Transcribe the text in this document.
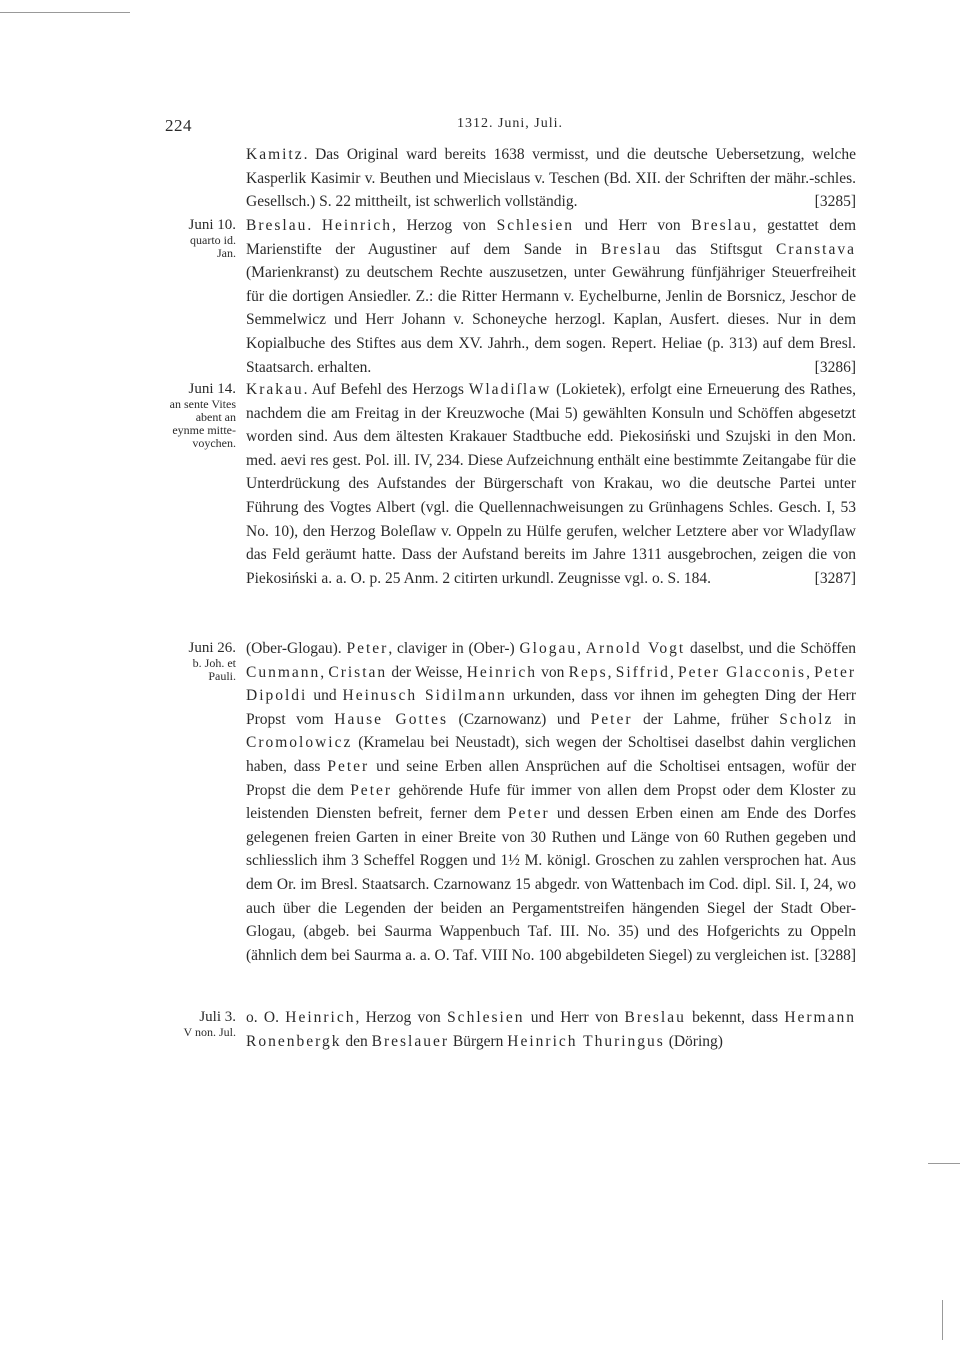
224	1312. Juni, Juli.

Kamitz. Das Original ward bereits 1638 vermisst, und die deutsche Uebersetzung, welche Kasperlik Kasimir v. Beuthen und Miecislaus v. Teschen (Bd. XII. der Schriften der mähr.-schles. Gesellsch.) S. 22 mittheilt, ist schwerlich vollständig.	[3285]

Juni 10.
quarto id.
Jan.

Breslau. Heinrich, Herzog von Schlesien und Herr von Breslau, gestattet dem Marienstifte der Augustiner auf dem Sande in Breslau das Stiftsgut Cranstava (Marienkranst) zu deutschem Rechte auszusetzen, unter Gewährung fünfjähriger Steuerfreiheit für die dortigen Ansiedler. Z.: die Ritter Hermann v. Eychelburne, Jenlin de Borsnicz, Jeschor de Semmelwicz und Herr Johann v. Schoneyche herzogl. Kaplan, Ausfert. dieses. Nur in dem Kopialbuche des Stiftes aus dem XV. Jahrh., dem sogen. Repert. Heliae (p. 313) auf dem Bresl. Staatsarch. erhalten.	[3286]

Juni 14.
an sente Vites
abent an
eynme mitte-
voychen.

Krakau. Auf Befehl des Herzogs Wladiſlaw (Lokietek), erfolgt eine Erneuerung des Rathes, nachdem die am Freitag in der Kreuzwoche (Mai 5) gewählten Konsuln und Schöffen abgesetzt worden sind. Aus dem ältesten Krakauer Stadtbuche edd. Piekosiński und Szujski in den Mon. med. aevi res gest. Pol. ill. IV, 234. Diese Aufzeichnung enthält eine bestimmte Zeitangabe für die Unterdrückung des Aufstandes der Bürgerschaft von Krakau, wo die deutsche Partei unter Führung des Vogtes Albert (vgl. die Quellennachweisungen zu Grünhagens Schles. Gesch. I, 53 No. 10), den Herzog Boleſlaw v. Oppeln zu Hülfe gerufen, welcher Letztere aber vor Wladyſlaw das Feld geräumt hatte. Dass der Aufstand bereits im Jahre 1311 ausgebrochen, zeigen die von Piekosiński a. a. O. p. 25 Anm. 2 citirten urkundl. Zeugnisse vgl. o. S. 184.	[3287]

Juni 26.
b. Joh. et
Pauli.

(Ober-Glogau). Peter, claviger in (Ober-) Glogau, Arnold Vogt daselbst, und die Schöffen Cunmann, Cristan der Weisse, Heinrich von Reps, Siffrid, Peter Glacconis, Peter Dipoldi und Heinusch Sidilmann urkunden, dass vor ihnen im gehegten Ding der Herr Propst vom Hause Gottes (Czarnowanz) und Peter der Lahme, früher Scholz in Cromolowicz (Kramelau bei Neustadt), sich wegen der Scholtisei daselbst dahin verglichen haben, dass Peter und seine Erben allen Ansprüchen auf die Scholtisei entsagen, wofür der Propst die dem Peter gehörende Hufe für immer von allen dem Propst oder dem Kloster zu leistenden Diensten befreit, ferner dem Peter und dessen Erben einen am Ende des Dorfes gelegenen freien Garten in einer Breite von 30 Ruthen und Länge von 60 Ruthen gegeben und schliesslich ihm 3 Scheffel Roggen und 1½ M. königl. Groschen zu zahlen versprochen hat. Aus dem Or. im Bresl. Staatsarch. Czarnowanz 15 abgedr. von Wattenbach im Cod. dipl. Sil. I, 24, wo auch über die Legenden der beiden an Pergamentstreifen hängenden Siegel der Stadt Ober-Glogau, (abgeb. bei Saurma Wappenbuch Taf. III. No. 35) und des Hofgerichts zu Oppeln (ähnlich dem bei Saurma a. a. O. Taf. VIII No. 100 abgebildeten Siegel) zu vergleichen ist. [3288]

Juli 3.
V non. Jul.

o. O. Heinrich, Herzog von Schlesien und Herr von Breslau bekennt, dass Hermann Ronenbergk den Breslauer Bürgern Heinrich Thuringus (Döring)
